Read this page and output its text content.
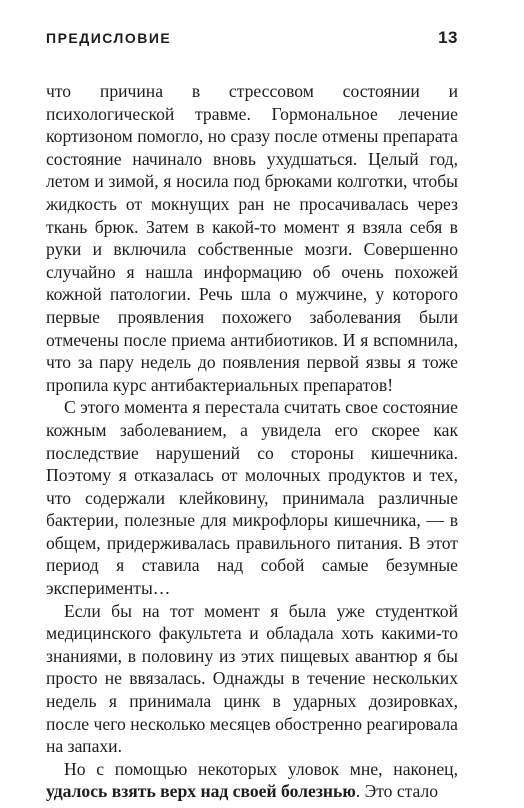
ПРЕДИСЛОВИЕ	13

что причина в стрессовом состоянии и психологической травме. Гормональное лечение кортизоном помогло, но сразу после отмены препарата состояние начинало вновь ухудшаться. Целый год, летом и зимой, я носила под брюками колготки, чтобы жидкость от мокнущих ран не просачивалась через ткань брюк. Затем в какой-то момент я взяла себя в руки и включила собственные мозги. Совершенно случайно я нашла информацию об очень похожей кожной патологии. Речь шла о мужчине, у которого первые проявления похожего заболевания были отмечены после приема антибиотиков. И я вспомнила, что за пару недель до появления первой язвы я тоже пропила курс антибактериальных препаратов!

С этого момента я перестала считать свое состояние кожным заболеванием, а увидела его скорее как последствие нарушений со стороны кишечника. Поэтому я отказалась от молочных продуктов и тех, что содержали клейковину, принимала различные бактерии, полезные для микрофлоры кишечника, — в общем, придерживалась правильного питания. В этот период я ставила над собой самые безумные эксперименты…

Если бы на тот момент я была уже студенткой медицинского факультета и обладала хоть какими-то знаниями, в половину из этих пищевых авантюр я бы просто не ввязалась. Однажды в течение нескольких недель я принимала цинк в ударных дозировках, после чего несколько месяцев обостренно реагировала на запахи.

Но с помощью некоторых уловок мне, наконец, удалось взять верх над своей болезнью. Это стало
